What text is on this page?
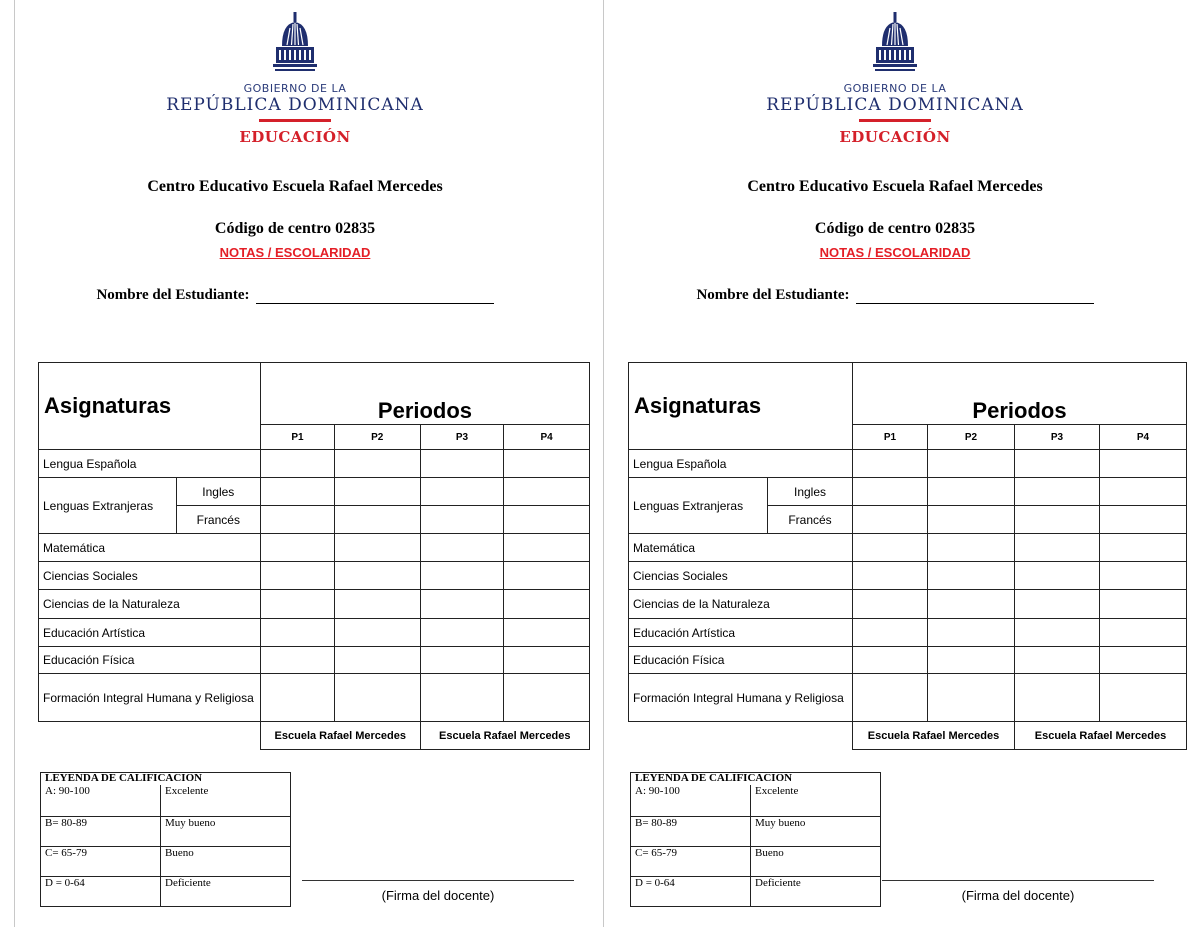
GOBIERNO DE LA
REPÚBLICA DOMINICANA
EDUCACIÓN
Centro Educativo Escuela Rafael Mercedes
Código de centro 02835
NOTAS / ESCOLARIDAD
Nombre del Estudiante:
Asignaturas		Periodos			
		P1	P2	P3	P4
Lengua Española					
Lenguas Extranjeras	Ingles				
	Francés				
Matemática					
Ciencias Sociales					
Ciencias de la Naturaleza					
Educación Artística					
Educación Física					
Formación Integral Humana y Religiosa					
		Escuela Rafael Mercedes		Escuela Rafael Mercedes	
LEYENDA DE CALIFICACION	
A: 90-100	Excelente
B= 80-89	Muy bueno
C= 65-79	Bueno
D = 0-64	Deficiente
(Firma del docente)
GOBIERNO DE LA
REPÚBLICA DOMINICANA
EDUCACIÓN
Centro Educativo Escuela Rafael Mercedes
Código de centro 02835
NOTAS / ESCOLARIDAD
Nombre del Estudiante:
Asignaturas		Periodos			
		P1	P2	P3	P4
Lengua Española					
Lenguas Extranjeras	Ingles				
	Francés				
Matemática					
Ciencias Sociales					
Ciencias de la Naturaleza					
Educación Artística					
Educación Física					
Formación Integral Humana y Religiosa					
		Escuela Rafael Mercedes		Escuela Rafael Mercedes	
LEYENDA DE CALIFICACION	
A: 90-100	Excelente
B= 80-89	Muy bueno
C= 65-79	Bueno
D = 0-64	Deficiente
(Firma del docente)
